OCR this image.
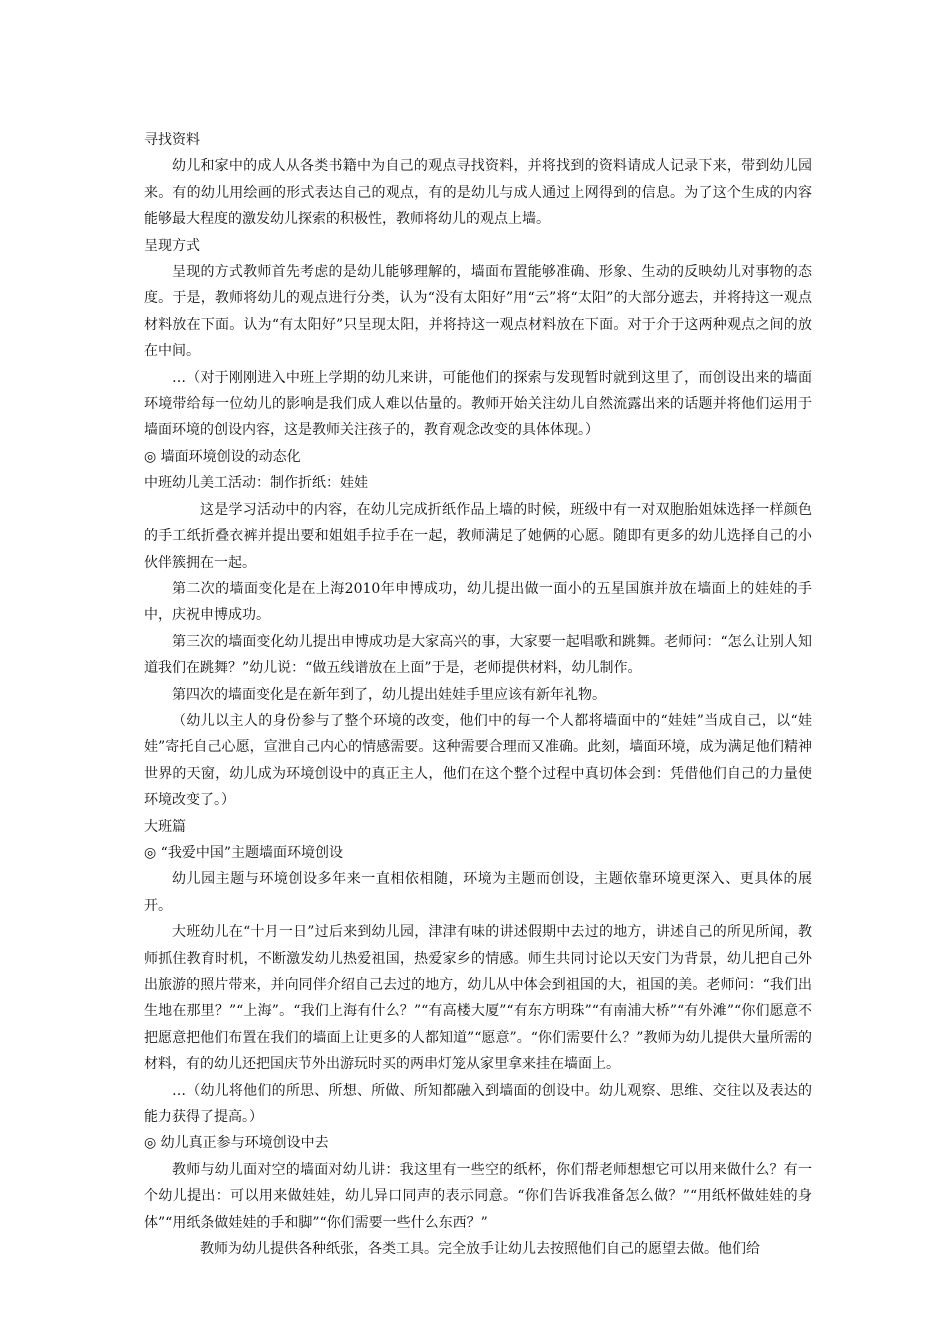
寻找资料

幼儿和家中的成人从各类书籍中为自己的观点寻找资料，并将找到的资料请成人记录下来，带到幼儿园来。有的幼儿用绘画的形式表达自己的观点，有的是幼儿与成人通过上网得到的信息。为了这个生成的内容能够最大程度的激发幼儿探索的积极性，教师将幼儿的观点上墙。

呈现方式

呈现的方式教师首先考虑的是幼儿能够理解的，墙面布置能够准确、形象、生动的反映幼儿对事物的态度。于是，教师将幼儿的观点进行分类，认为“没有太阳好”用“云”将“太阳”的大部分遮去，并将持这一观点材料放在下面。认为“有太阳好”只呈现太阳，并将持这一观点材料放在下面。对于介于这两种观点之间的放在中间。

…（对于刚刚进入中班上学期的幼儿来讲，可能他们的探索与发现暂时就到这里了，而创设出来的墙面环境带给每一位幼儿的影响是我们成人难以估量的。教师开始关注幼儿自然流露出来的话题并将他们运用于墙面环境的创设内容，这是教师关注孩子的，教育观念改变的具体体现。）

◎ 墙面环境创设的动态化

中班幼儿美工活动：制作折纸：娃娃

这是学习活动中的内容，在幼儿完成折纸作品上墙的时候，班级中有一对双胞胎姐妹选择一样颜色的手工纸折叠衣裤并提出要和姐姐手拉手在一起，教师满足了她俩的心愿。随即有更多的幼儿选择自己的小伙伴簇拥在一起。

第二次的墙面变化是在上海2010年申博成功，幼儿提出做一面小的五星国旗并放在墙面上的娃娃的手中，庆祝申博成功。

第三次的墙面变化幼儿提出申博成功是大家高兴的事，大家要一起唱歌和跳舞。老师问：“怎么让别人知道我们在跳舞？”幼儿说：“做五线谱放在上面”于是，老师提供材料，幼儿制作。

第四次的墙面变化是在新年到了，幼儿提出娃娃手里应该有新年礼物。

（幼儿以主人的身份参与了整个环境的改变，他们中的每一个人都将墙面中的“娃娃”当成自己，以“娃娃”寄托自己心愿，宣泄自己内心的情感需要。这种需要合理而又准确。此刻，墙面环境，成为满足他们精神世界的天窗，幼儿成为环境创设中的真正主人，他们在这个整个过程中真切体会到：凭借他们自己的力量使环境改变了。）

大班篇

◎ “我爱中国”主题墙面环境创设

幼儿园主题与环境创设多年来一直相依相随，环境为主题而创设，主题依靠环境更深入、更具体的展开。

大班幼儿在“十月一日”过后来到幼儿园，津津有味的讲述假期中去过的地方，讲述自己的所见所闻，教师抓住教育时机，不断激发幼儿热爱祖国，热爱家乡的情感。师生共同讨论以天安门为背景，幼儿把自己外出旅游的照片带来，并向同伴介绍自己去过的地方，幼儿从中体会到祖国的大，祖国的美。老师问：“我们出生地在那里？”“上海”。“我们上海有什么？”“有高楼大厦”“有东方明珠”“有南浦大桥”“有外滩”“你们愿意不把愿意把他们布置在我们的墙面上让更多的人都知道”“愿意”。“你们需要什么？”教师为幼儿提供大量所需的材料，有的幼儿还把国庆节外出游玩时买的两串灯笼从家里拿来挂在墙面上。

…（幼儿将他们的所思、所想、所做、所知都融入到墙面的创设中。幼儿观察、思维、交往以及表达的能力获得了提高。）

◎ 幼儿真正参与环境创设中去

教师与幼儿面对空的墙面对幼儿讲：我这里有一些空的纸杯，你们帮老师想想它可以用来做什么？有一个幼儿提出：可以用来做娃娃，幼儿异口同声的表示同意。“你们告诉我准备怎么做？”“用纸杯做娃娃的身体”“用纸条做娃娃的手和脚”“你们需要一些什么东西？”

教师为幼儿提供各种纸张，各类工具。完全放手让幼儿去按照他们自己的愿望去做。他们给
